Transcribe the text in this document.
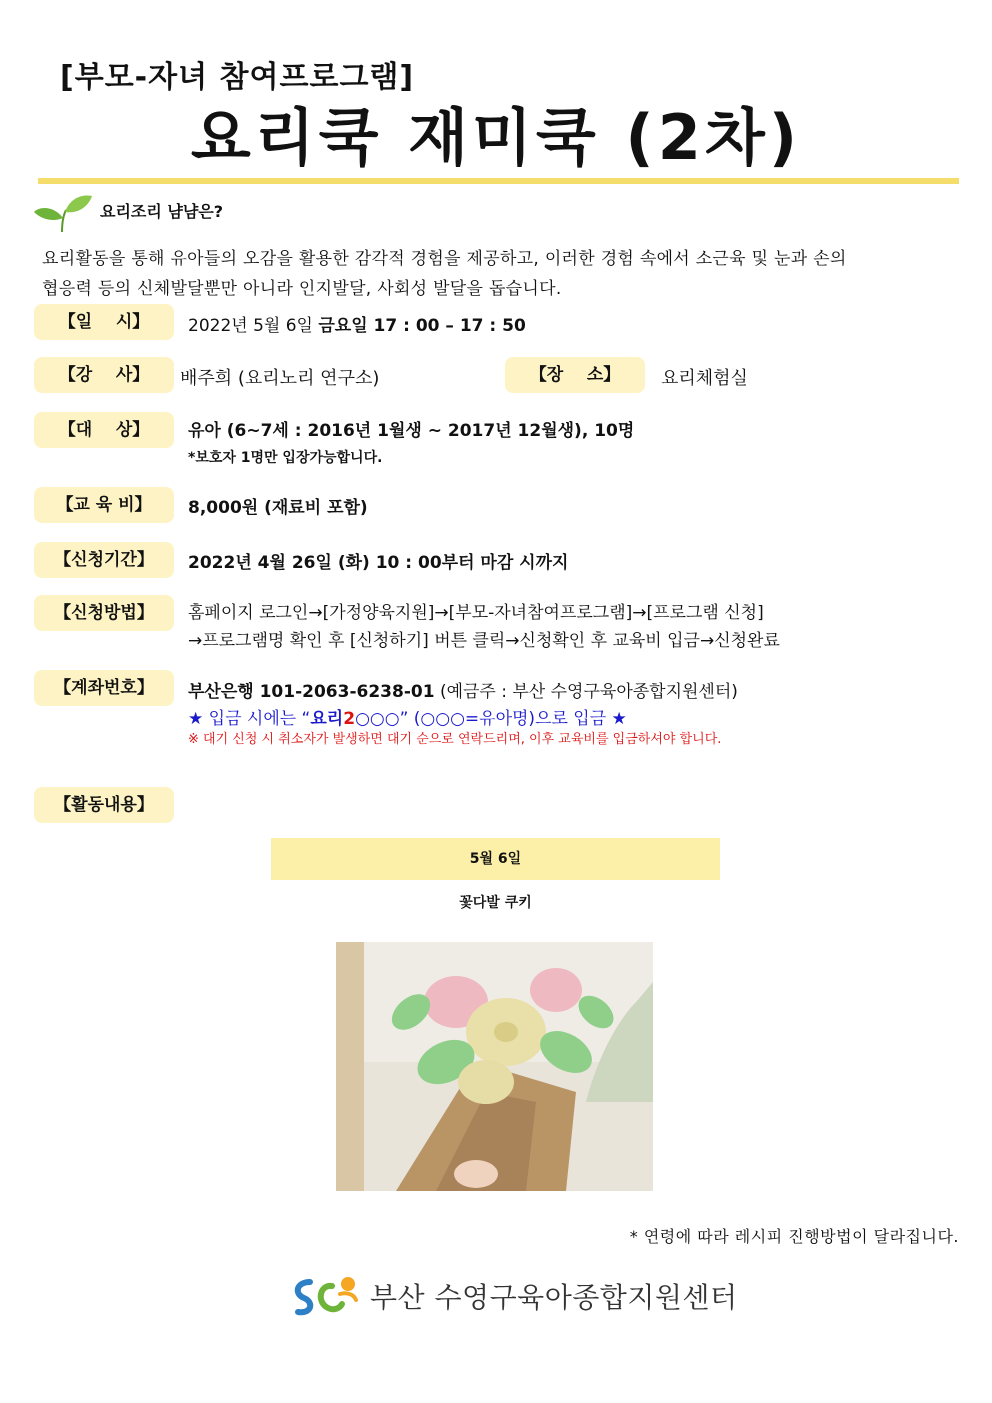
[부모-자녀 참여프로그램]
요리쿡 재미쿡 (2차)
요리조리 냠냠은?
요리활동을 통해 유아들의 오감을 활용한 감각적 경험을 제공하고, 이러한 경험 속에서 소근육 및 눈과 손의
협응력 등의 신체발달뿐만 아니라 인지발달, 사회성 발달을 돕습니다.
【일    시】	2022년 5월 6일 금요일 17 : 00 – 17 : 50
【강    사】	배주희 (요리노리 연구소)	【장    소】	요리체험실
【대    상】	유아 (6~7세 : 2016년 1월생 ~ 2017년 12월생), 10명
*보호자 1명만 입장가능합니다.
【교 육 비】	8,000원 (재료비 포함)
【신청기간】	2022년 4월 26일 (화) 10 : 00부터 마감 시까지
【신청방법】	홈페이지 로그인→[가정양육지원]→[부모-자녀참여프로그램]→[프로그램 신청]
→프로그램명 확인 후 [신청하기] 버튼 클릭→신청확인 후 교육비 입금→신청완료
【계좌번호】	부산은행 101-2063-6238-01 (예금주 : 부산 수영구육아종합지원센터)
★ 입금 시에는 “요리2○○○” (○○○=유아명)으로 입금 ★
※ 대기 신청 시 취소자가 발생하면 대기 순으로 연락드리며, 이후 교육비를 입금하셔야 합니다.
【활동내용】
5월 6일
꽃다발 쿠키
* 연령에 따라 레시피 진행방법이 달라집니다.
부산 수영구육아종합지원센터
